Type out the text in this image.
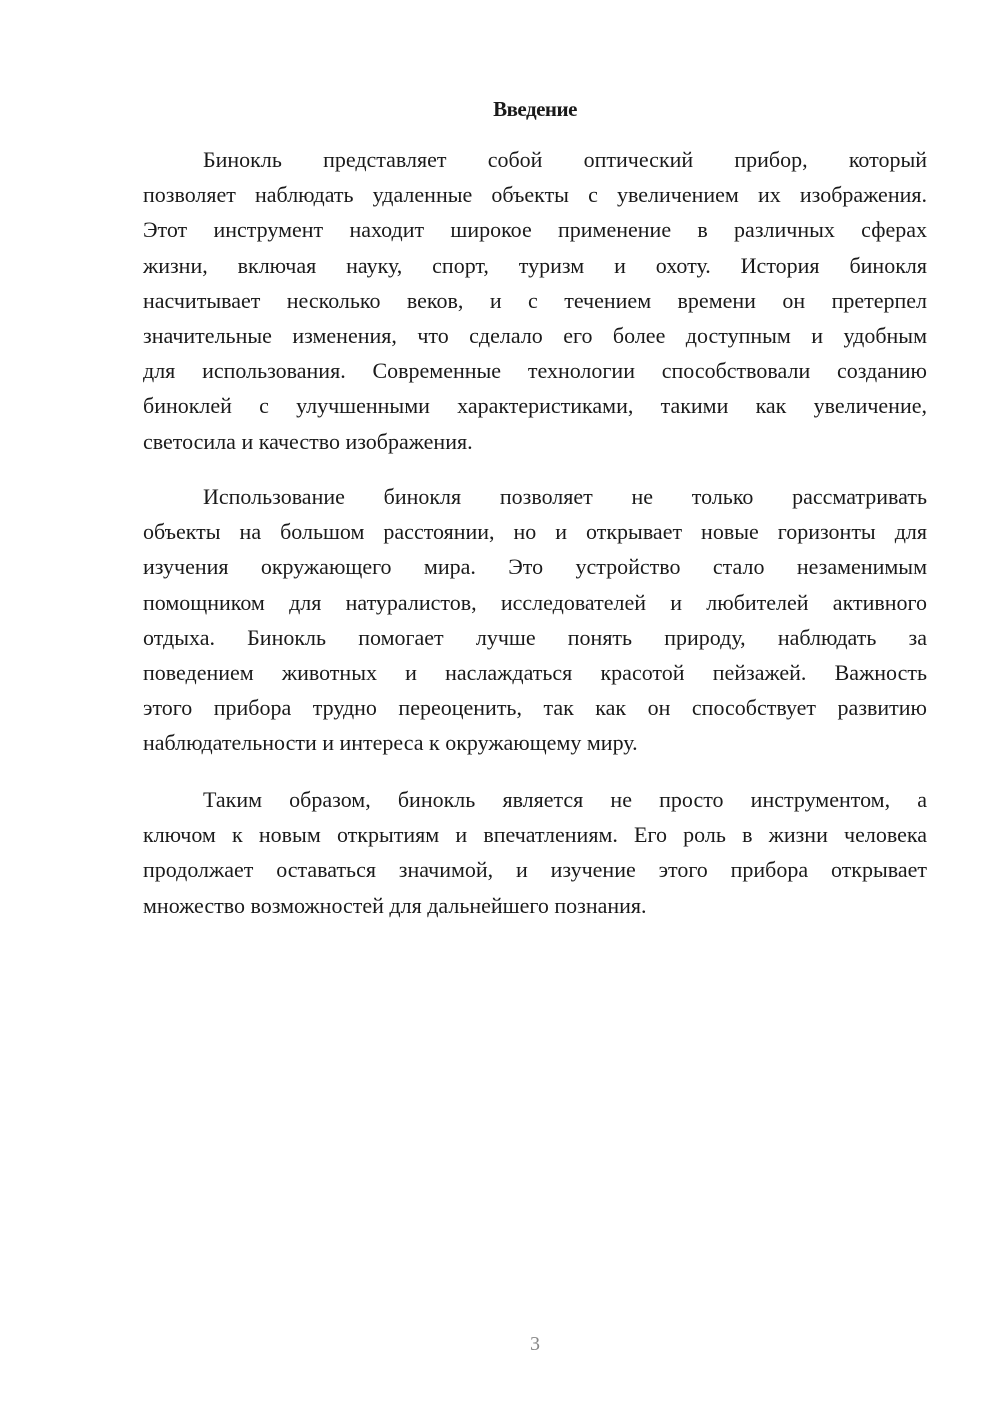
Введение
Бинокль представляет собой оптический прибор, который
позволяет наблюдать удаленные объекты с увеличением их изображения.
Этот инструмент находит широкое применение в различных сферах
жизни, включая науку, спорт, туризм и охоту. История бинокля
насчитывает несколько веков, и с течением времени он претерпел
значительные изменения, что сделало его более доступным и удобным
для использования. Современные технологии способствовали созданию
биноклей с улучшенными характеристиками, такими как увеличение,
светосила и качество изображения.
Использование бинокля позволяет не только рассматривать
объекты на большом расстоянии, но и открывает новые горизонты для
изучения окружающего мира. Это устройство стало незаменимым
помощником для натуралистов, исследователей и любителей активного
отдыха. Бинокль помогает лучше понять природу, наблюдать за
поведением животных и наслаждаться красотой пейзажей. Важность
этого прибора трудно переоценить, так как он способствует развитию
наблюдательности и интереса к окружающему миру.
Таким образом, бинокль является не просто инструментом, а
ключом к новым открытиям и впечатлениям. Его роль в жизни человека
продолжает оставаться значимой, и изучение этого прибора открывает
множество возможностей для дальнейшего познания.
3
